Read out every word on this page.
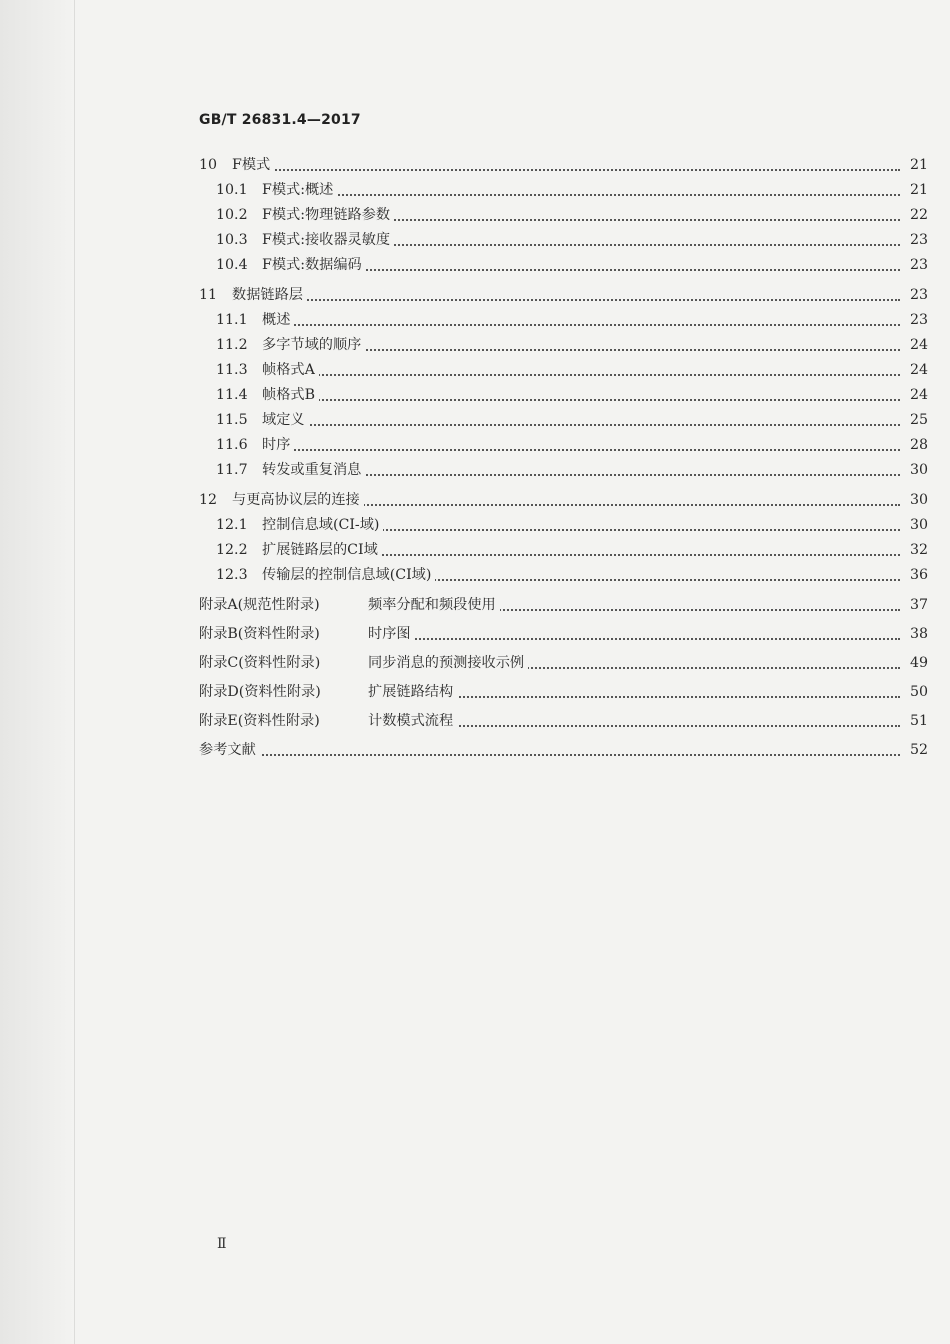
GB/T 26831.4—2017
10 F模式	21
10.1 F模式:概述	21
10.2 F模式:物理链路参数	22
10.3 F模式:接收器灵敏度	23
10.4 F模式:数据编码	23
11 数据链路层	23
11.1 概述	23
11.2 多字节域的顺序	24
11.3 帧格式A	24
11.4 帧格式B	24
11.5 域定义	25
11.6 时序	28
11.7 转发或重复消息	30
12 与更高协议层的连接	30
12.1 控制信息域(CI-域)	30
12.2 扩展链路层的CI域	32
12.3 传输层的控制信息域(CI域)	36
附录A(规范性附录)	频率分配和频段使用	37
附录B(资料性附录)	时序图	38
附录C(资料性附录)	同步消息的预测接收示例	49
附录D(资料性附录)	扩展链路结构	50
附录E(资料性附录)	计数模式流程	51
参考文献	52
Ⅱ
